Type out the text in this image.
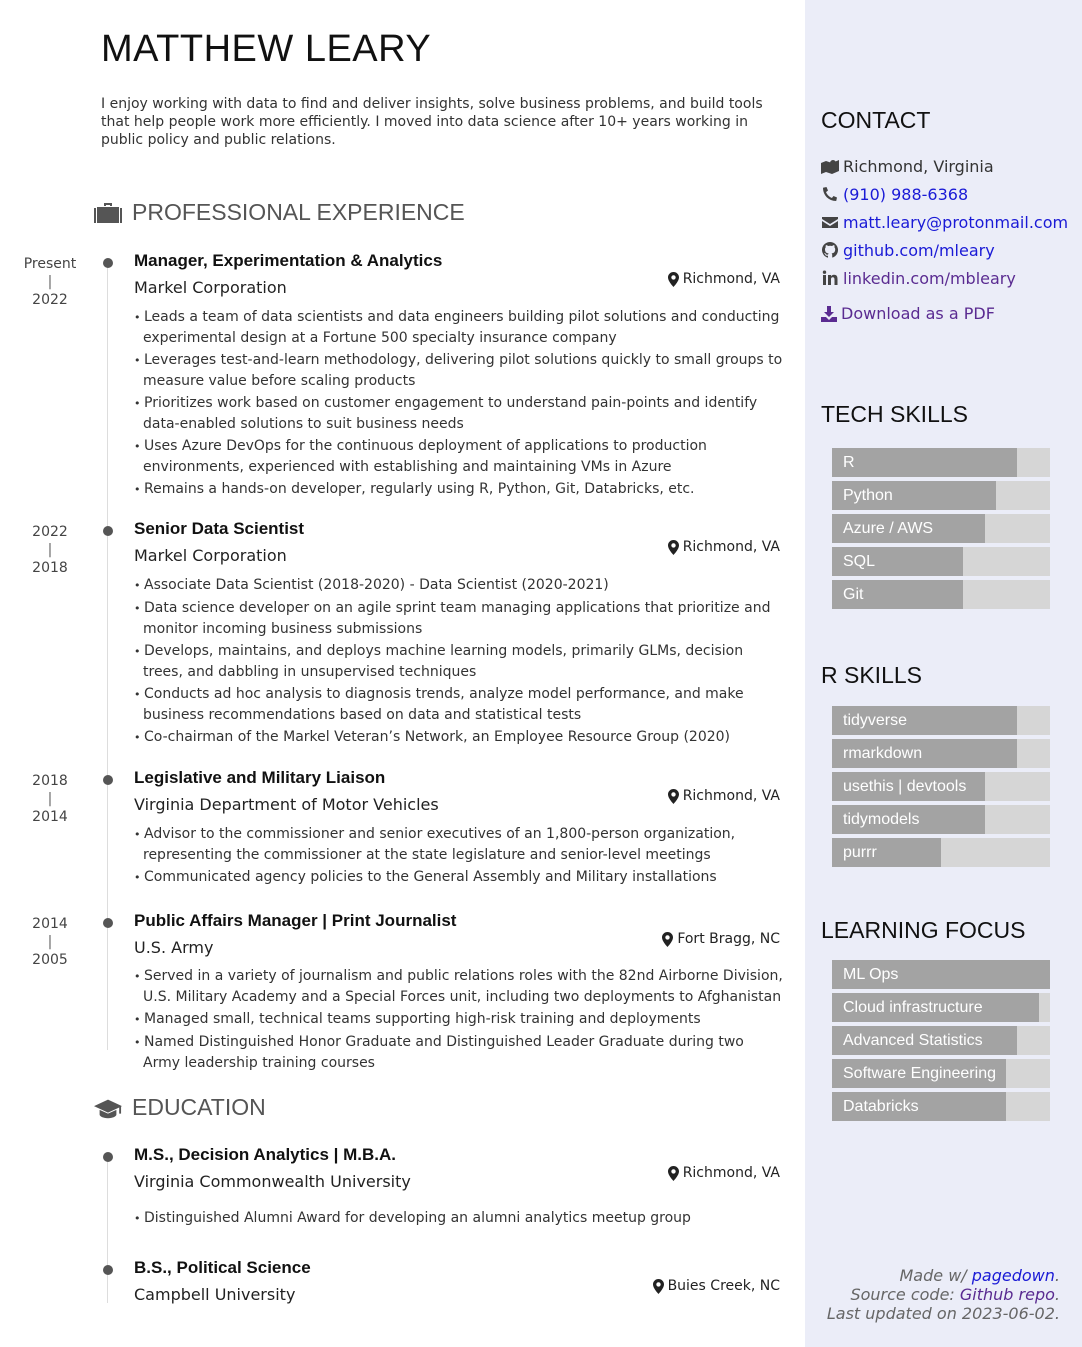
MATTHEW LEARY
I enjoy working with data to find and deliver insights, solve business problems, and build tools that help people work more efficiently. I moved into data science after 10+ years working in public policy and public relations.
PROFESSIONAL EXPERIENCE
Present
|
2022
Manager, Experimentation & Analytics
Markel Corporation	Richmond, VA
• Leads a team of data scientists and data engineers building pilot solutions and conducting experimental design at a Fortune 500 specialty insurance company
• Leverages test-and-learn methodology, delivering pilot solutions quickly to small groups to measure value before scaling products
• Prioritizes work based on customer engagement to understand pain-points and identify data-enabled solutions to suit business needs
• Uses Azure DevOps for the continuous deployment of applications to production environments, experienced with establishing and maintaining VMs in Azure
• Remains a hands-on developer, regularly using R, Python, Git, Databricks, etc.
2022
|
2018
Senior Data Scientist
Markel Corporation	Richmond, VA
• Associate Data Scientist (2018-2020) - Data Scientist (2020-2021)
• Data science developer on an agile sprint team managing applications that prioritize and monitor incoming business submissions
• Develops, maintains, and deploys machine learning models, primarily GLMs, decision trees, and dabbling in unsupervised techniques
• Conducts ad hoc analysis to diagnosis trends, analyze model performance, and make business recommendations based on data and statistical tests
• Co-chairman of the Markel Veteran’s Network, an Employee Resource Group (2020)
2018
|
2014
Legislative and Military Liaison
Virginia Department of Motor Vehicles	Richmond, VA
• Advisor to the commissioner and senior executives of an 1,800-person organization, representing the commissioner at the state legislature and senior-level meetings
• Communicated agency policies to the General Assembly and Military installations
2014
|
2005
Public Affairs Manager | Print Journalist
U.S. Army	Fort Bragg, NC
• Served in a variety of journalism and public relations roles with the 82nd Airborne Division, U.S. Military Academy and a Special Forces unit, including two deployments to Afghanistan
• Managed small, technical teams supporting high-risk training and deployments
• Named Distinguished Honor Graduate and Distinguished Leader Graduate during two Army leadership training courses
EDUCATION
M.S., Decision Analytics | M.B.A.
Virginia Commonwealth University	Richmond, VA
• Distinguished Alumni Award for developing an alumni analytics meetup group
B.S., Political Science
Campbell University	Buies Creek, NC
CONTACT
Richmond, Virginia
(910) 988-6368
matt.leary@protonmail.com
github.com/mleary
linkedin.com/mbleary
Download as a PDF
TECH SKILLS
R
Python
Azure / AWS
SQL
Git
R SKILLS
tidyverse
rmarkdown
usethis | devtools
tidymodels
purrr
LEARNING FOCUS
ML Ops
Cloud infrastructure
Advanced Statistics
Software Engineering
Databricks
Made w/ pagedown.
Source code: Github repo.
Last updated on 2023-06-02.
